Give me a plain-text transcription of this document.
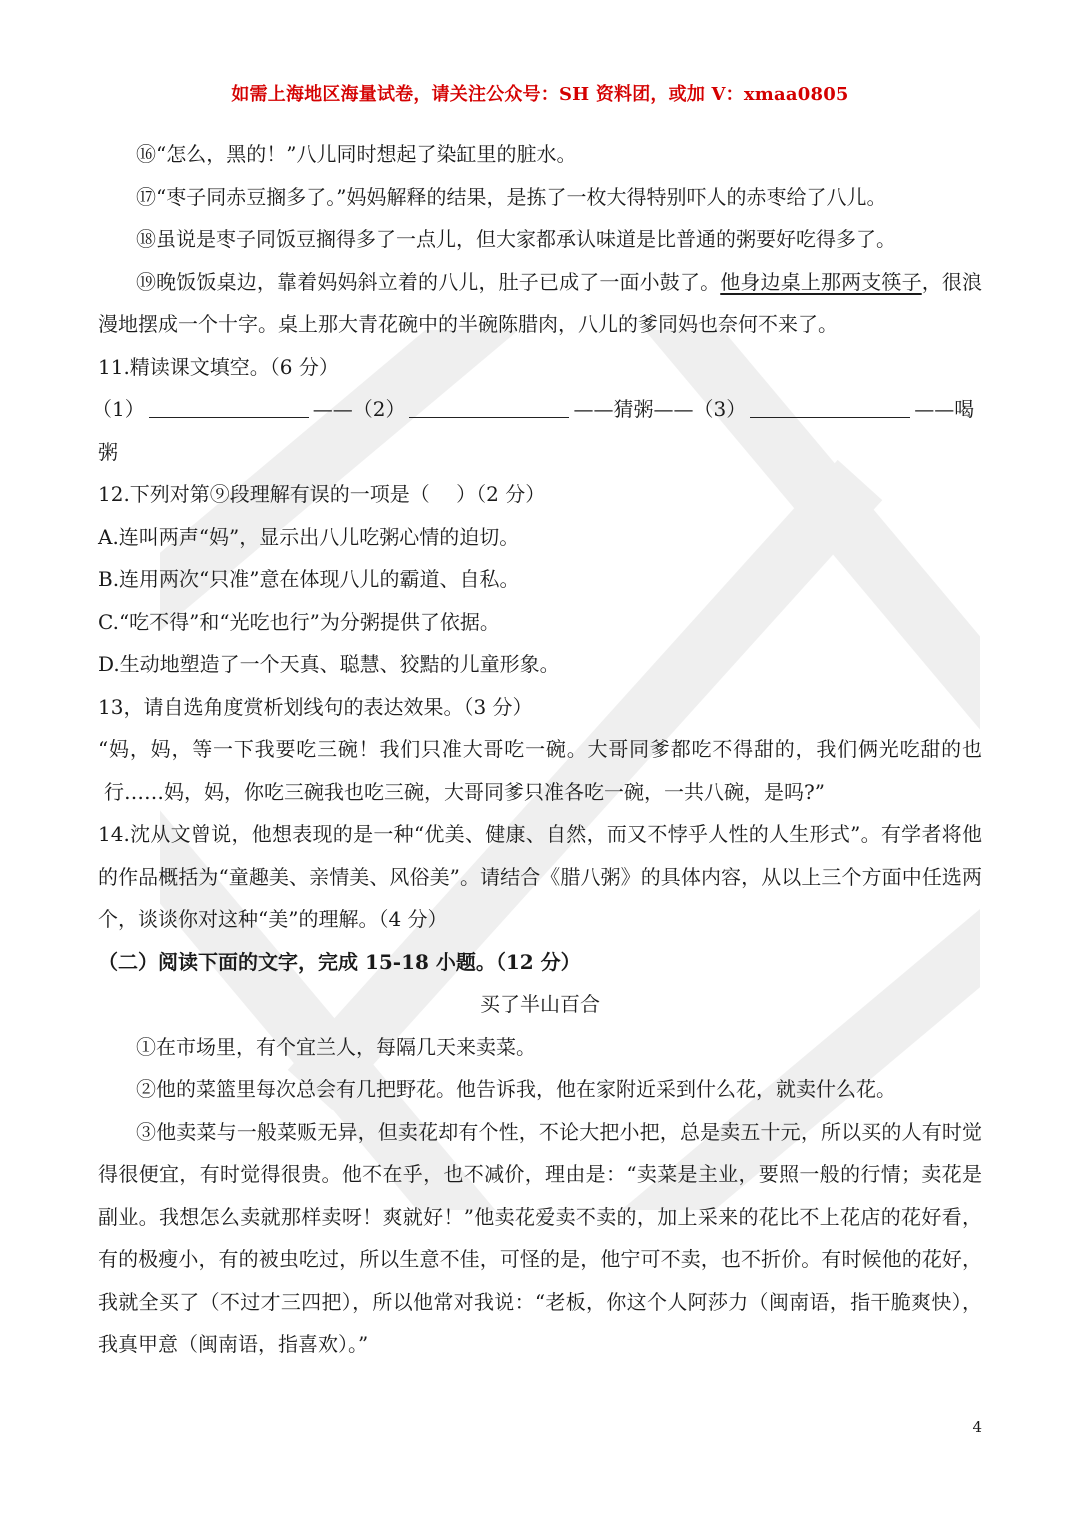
如需上海地区海量试卷，请关注公众号：SH 资料团，或加 V：xmaa0805

⑯“怎么，黑的！”八儿同时想起了染缸里的脏水。

⑰“枣子同赤豆搁多了。”妈妈解释的结果，是拣了一枚大得特别吓人的赤枣给了八儿。

⑱虽说是枣子同饭豆搁得多了一点儿，但大家都承认味道是比普通的粥要好吃得多了。

⑲晚饭饭桌边，靠着妈妈斜立着的八儿，肚子已成了一面小鼓了。他身边桌上那两支筷子，很浪漫地摆成一个十字。桌上那大青花碗中的半碗陈腊肉，八儿的爹同妈也奈何不来了。

11.精读课文填空。（6 分）

（1）	——（2）	——猜粥——（3）	——喝粥

12.下列对第⑨段理解有误的一项是（　 ）（2 分）

A.连叫两声“妈”，显示出八儿吃粥心情的迫切。

B.连用两次“只准”意在体现八儿的霸道、自私。

C.“吃不得”和“光吃也行”为分粥提供了依据。

D.生动地塑造了一个天真、聪慧、狡黠的儿童形象。

13，请自选角度赏析划线句的表达效果。（3 分）

“妈，妈，等一下我要吃三碗！我们只准大哥吃一碗。大哥同爹都吃不得甜的，我们俩光吃甜的也行……妈，妈，你吃三碗我也吃三碗，大哥同爹只准各吃一碗，一共八碗，是吗?”

14.沈从文曾说，他想表现的是一种“优美、健康、自然，而又不悖乎人性的人生形式”。有学者将他的作品概括为“童趣美、亲情美、风俗美”。请结合《腊八粥》的具体内容，从以上三个方面中任选两个，谈谈你对这种“美”的理解。（4 分）

（二）阅读下面的文字，完成 15-18 小题。（12 分）

买了半山百合

①在市场里，有个宜兰人，每隔几天来卖菜。

②他的菜篮里每次总会有几把野花。他告诉我，他在家附近采到什么花，就卖什么花。

③他卖菜与一般菜贩无异，但卖花却有个性，不论大把小把，总是卖五十元，所以买的人有时觉得很便宜，有时觉得很贵。他不在乎，也不减价，理由是：“卖菜是主业，要照一般的行情；卖花是副业。我想怎么卖就那样卖呀！爽就好！”他卖花爱卖不卖的，加上采来的花比不上花店的花好看，有的极瘦小，有的被虫吃过，所以生意不佳，可怪的是，他宁可不卖，也不折价。有时候他的花好，我就全买了（不过才三四把），所以他常对我说：“老板，你这个人阿莎力（闽南语，指干脆爽快），我真甲意（闽南语，指喜欢）。”

4
